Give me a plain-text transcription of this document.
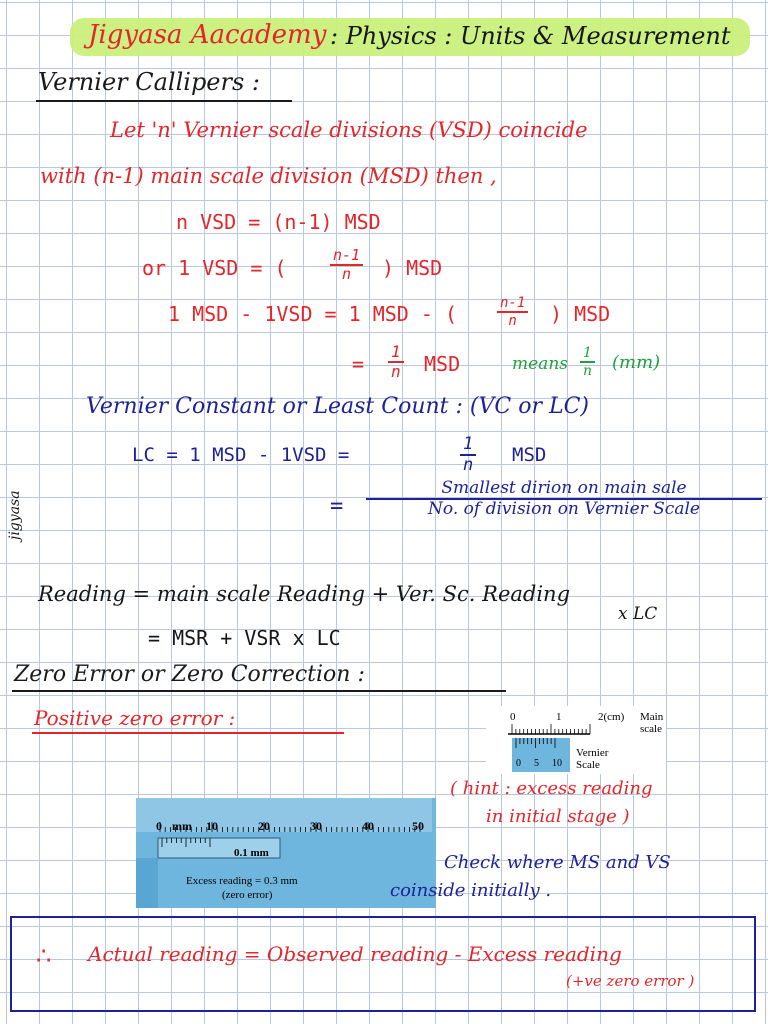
Jigyasa Aacademy : Physics : Units & Measurement
Vernier Callipers :
Let 'n' Vernier scale divisions (VSD) coincide
with (n-1) main scale division (MSD) then ,
n VSD = (n-1) MSD
or 1 VSD = (	$\frac{n-1}{n}$ ) MSD
1 MSD - 1VSD = 1 MSD - (	$\frac{n-1}{n}$ ) MSD
= $\frac{1}{n}$ MSD	means $\frac{1}{n} (mm)$
Vernier Constant or Least Count : (VC or LC)
LC = 1 MSD - 1VSD =	$\frac{1}{n}$ MSD
=
Smallest dirion on main sale
No. of division on Vernier Scale
jigyasa
Reading = main scale Reading + Ver. Sc. Reading
x LC
= MSR + VSR x LC
Zero Error or Zero Correction :
Positive zero error :	0	1	2(cm) Main
scale
0 5 10
Vernier
Scale
( hint : excess reading
in initial stage )
0 mm 10	20	30	40	50
0.1 mm
Excess reading = 0.3 mm
(zero error)
Check where MS and VS
coinside initially .
∴ Actual reading = Observed reading - Excess reading
(+ve zero error )
